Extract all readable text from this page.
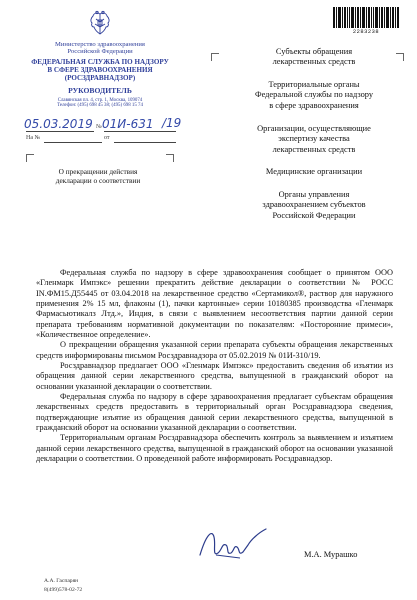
2283238
Министерство здравоохранения
Российской Федерации
ФЕДЕРАЛЬНАЯ СЛУЖБА ПО НАДЗОРУ
В СФЕРЕ ЗДРАВООХРАНЕНИЯ
(РОСЗДРАВНАДЗОР)
РУКОВОДИТЕЛЬ
Славянская пл. 4, стр. 1, Москва, 109074
Телефон: (495) 698 45 38; (495) 698 15 74
№
05.03.2019 01И-631 /19
На №	от
О прекращении действия
декларации о соответствии
Субъекты обращения
лекарственных средств
Территориальные органы
Федеральной службы по надзору
в сфере здравоохранения
Организации, осуществляющие
экспертизу качества
лекарственных средств
Медицинские организации
Органы управления
здравоохранением субъектов
Российской Федерации

Федеральная служба по надзору в сфере здравоохранения сообщает о принятом ООО «Гленмарк Импэкс» решении прекратить действие декларации о соответствии № РОСС IN.ФМ15.Д55445 от 03.04.2018 на лекарственное средство «Сертамикол®, раствор для наружного применения 2% 15 мл, флаконы (1), пачки картонные» серии 10180385 производства «Гленмарк Фармасьютикалз Лтд.», Индия, в связи с выявлением несоответствия партии данной серии препарата требованиям нормативной документации по показателям: «Посторонние примеси», «Количественное определение».

О прекращении обращения указанной серии препарата субъекты обращения лекарственных средств информированы письмом Росздравнадзора от 05.02.2019 № 01И-310/19.

Росздравнадзор предлагает ООО «Гленмарк Импэкс» предоставить сведения об изъятии из обращения данной серии лекарственного средства, выпущенной в гражданский оборот на основании указанной декларации о соответствии.

Федеральная служба по надзору в сфере здравоохранения предлагает субъектам обращения лекарственных средств предоставить в территориальный орган Росздравнадзора сведения, подтверждающие изъятие из обращения данной серии лекарственного средства, выпущенной в гражданский оборот на основании указанной декларации о соответствии.

Территориальным органам Росздравнадзора обеспечить контроль за выявлением и изъятием данной серии лекарственного средства, выпущенной в гражданский оборот на основании указанной декларации о соответствии. О проведенной работе информировать Росздравнадзор.

М.А. Мурашко
А.А. Гаспарян
8(499)578-02-72
